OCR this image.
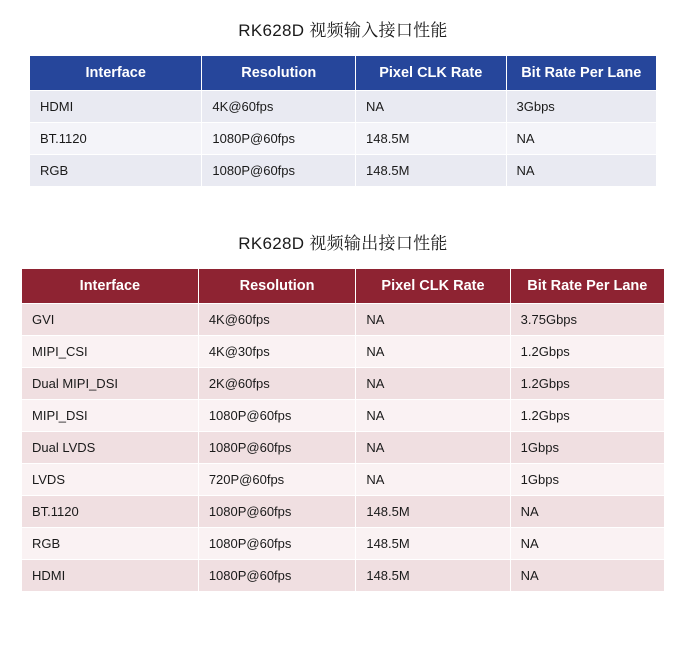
RK628D 视频输入接口性能
Interface	Resolution	Pixel CLK Rate	Bit Rate Per Lane
HDMI	4K@60fps	NA	3Gbps
BT.1120	1080P@60fps	148.5M	NA
RGB	1080P@60fps	148.5M	NA
RK628D 视频输出接口性能
Interface	Resolution	Pixel CLK Rate	Bit Rate Per Lane
GVI	4K@60fps	NA	3.75Gbps
MIPI_CSI	4K@30fps	NA	1.2Gbps
Dual MIPI_DSI	2K@60fps	NA	1.2Gbps
MIPI_DSI	1080P@60fps	NA	1.2Gbps
Dual LVDS	1080P@60fps	NA	1Gbps
LVDS	720P@60fps	NA	1Gbps
BT.1120	1080P@60fps	148.5M	NA
RGB	1080P@60fps	148.5M	NA
HDMI	1080P@60fps	148.5M	NA
